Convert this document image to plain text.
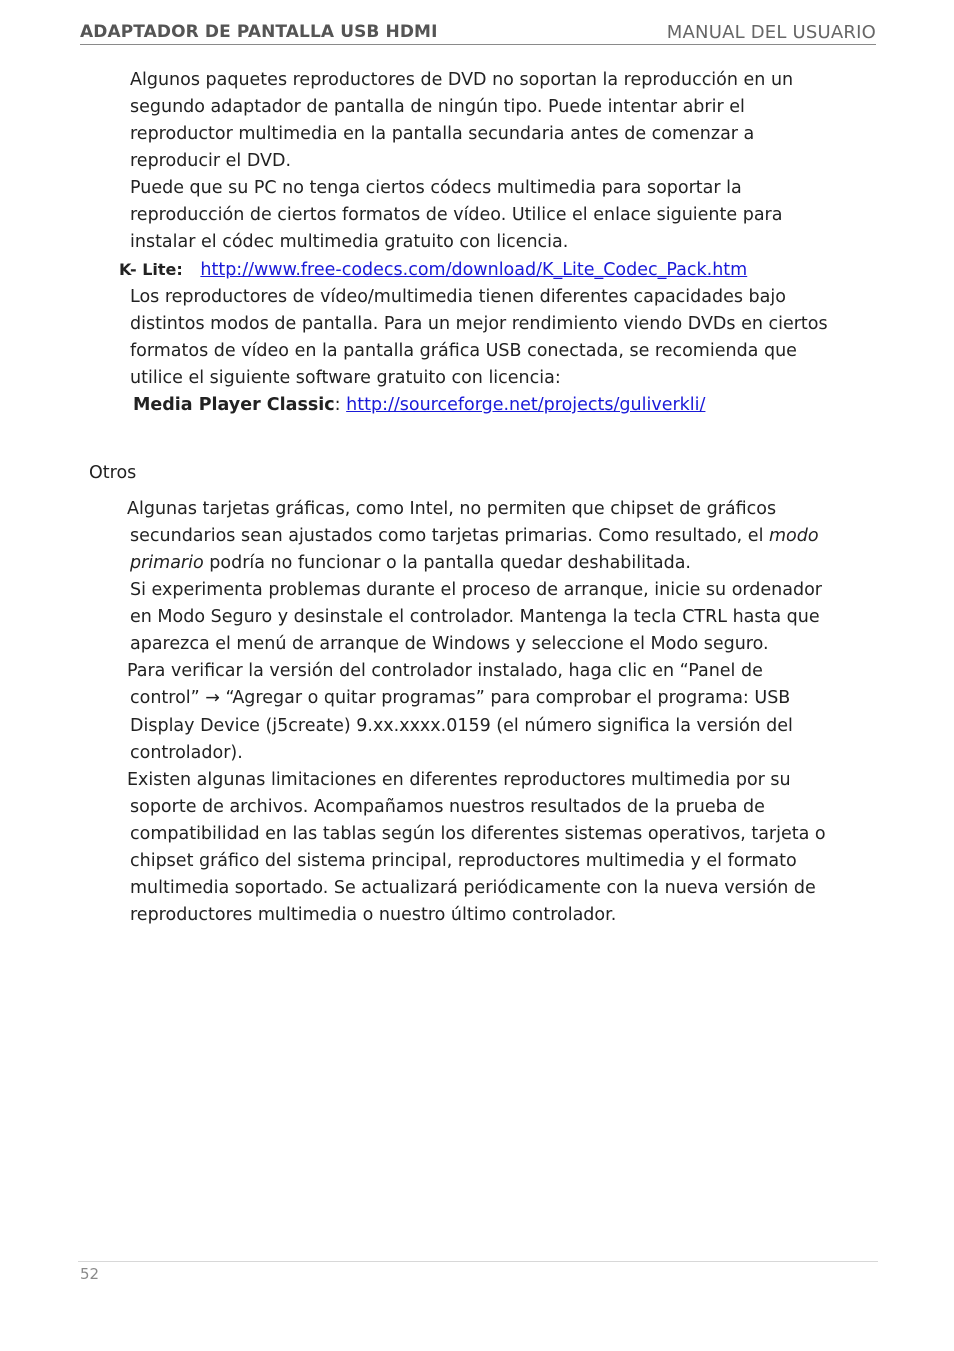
ADAPTADOR DE PANTALLA USB HDMI	MANUAL DEL USUARIO
Algunos paquetes reproductores de DVD no soportan la reproducción en un
segundo adaptador de pantalla de ningún tipo. Puede intentar abrir el
reproductor multimedia en la pantalla secundaria antes de comenzar a
reproducir el DVD.
Puede que su PC no tenga ciertos códecs multimedia para soportar la
reproducción de ciertos formatos de vídeo. Utilice el enlace siguiente para
instalar el códec multimedia gratuito con licencia.
K- Lite: http://www.free-codecs.com/download/K_Lite_Codec_Pack.htm
Los reproductores de vídeo/multimedia tienen diferentes capacidades bajo
distintos modos de pantalla. Para un mejor rendimiento viendo DVDs en ciertos
formatos de vídeo en la pantalla gráfica USB conectada, se recomienda que
utilice el siguiente software gratuito con licencia:
Media Player Classic: http://sourceforge.net/projects/guliverkli/
Otros
Algunas tarjetas gráficas, como Intel, no permiten que chipset de gráficos
secundarios sean ajustados como tarjetas primarias. Como resultado, el modo
primario podría no funcionar o la pantalla quedar deshabilitada.
Si experimenta problemas durante el proceso de arranque, inicie su ordenador
en Modo Seguro y desinstale el controlador. Mantenga la tecla CTRL hasta que
aparezca el menú de arranque de Windows y seleccione el Modo seguro.
Para verificar la versión del controlador instalado, haga clic en “Panel de
control” → “Agregar o quitar programas” para comprobar el programa: USB
Display Device (j5create) 9.xx.xxxx.0159 (el número significa la versión del
controlador).
Existen algunas limitaciones en diferentes reproductores multimedia por su
soporte de archivos. Acompañamos nuestros resultados de la prueba de
compatibilidad en las tablas según los diferentes sistemas operativos, tarjeta o
chipset gráfico del sistema principal, reproductores multimedia y el formato
multimedia soportado. Se actualizará periódicamente con la nueva versión de
reproductores multimedia o nuestro último controlador.
52
